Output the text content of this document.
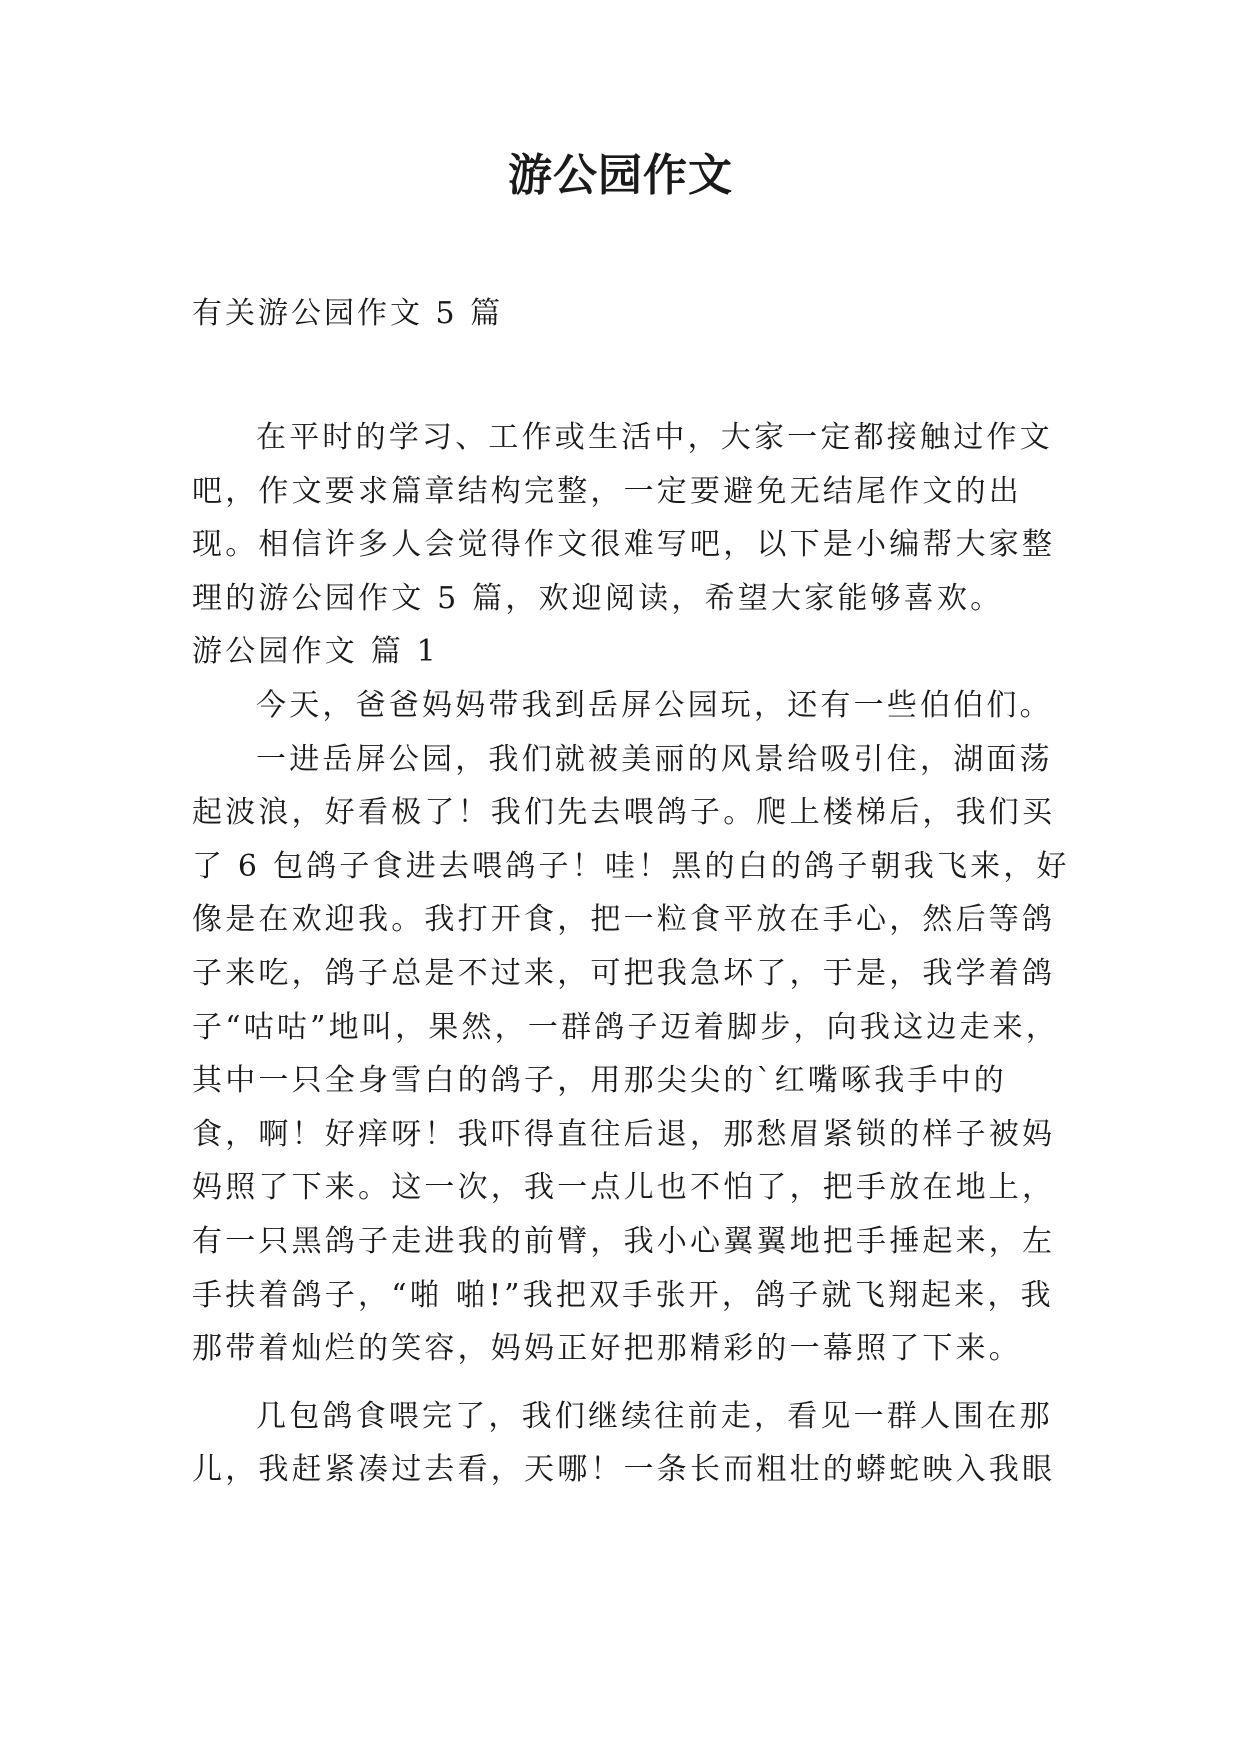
游公园作文
有关游公园作文 5 篇

在平时的学习、工作或生活中，大家一定都接触过作文吧，作文要求篇章结构完整，一定要避免无结尾作文的出现。相信许多人会觉得作文很难写吧，以下是小编帮大家整理的游公园作文 5 篇，欢迎阅读，希望大家能够喜欢。

游公园作文 篇 1

今天，爸爸妈妈带我到岳屏公园玩，还有一些伯伯们。

一进岳屏公园，我们就被美丽的风景给吸引住，湖面荡起波浪，好看极了！我们先去喂鸽子。爬上楼梯后，我们买了 6 包鸽子食进去喂鸽子！哇！黑的白的鸽子朝我飞来，好像是在欢迎我。我打开食，把一粒食平放在手心，然后等鸽子来吃，鸽子总是不过来，可把我急坏了，于是，我学着鸽子“咕咕”地叫，果然，一群鸽子迈着脚步，向我这边走来，其中一只全身雪白的鸽子，用那尖尖的`红嘴啄我手中的食，啊！好痒呀！我吓得直往后退，那愁眉紧锁的样子被妈妈照了下来。这一次，我一点儿也不怕了，把手放在地上，有一只黑鸽子走进我的前臂，我小心翼翼地把手捶起来，左手扶着鸽子，“啪 啪!”我把双手张开，鸽子就飞翔起来，我那带着灿烂的笑容，妈妈正好把那精彩的一幕照了下来。

几包鸽食喂完了，我们继续往前走，看见一群人围在那儿，我赶紧凑过去看，天哪！一条长而粗壮的蟒蛇映入我眼
